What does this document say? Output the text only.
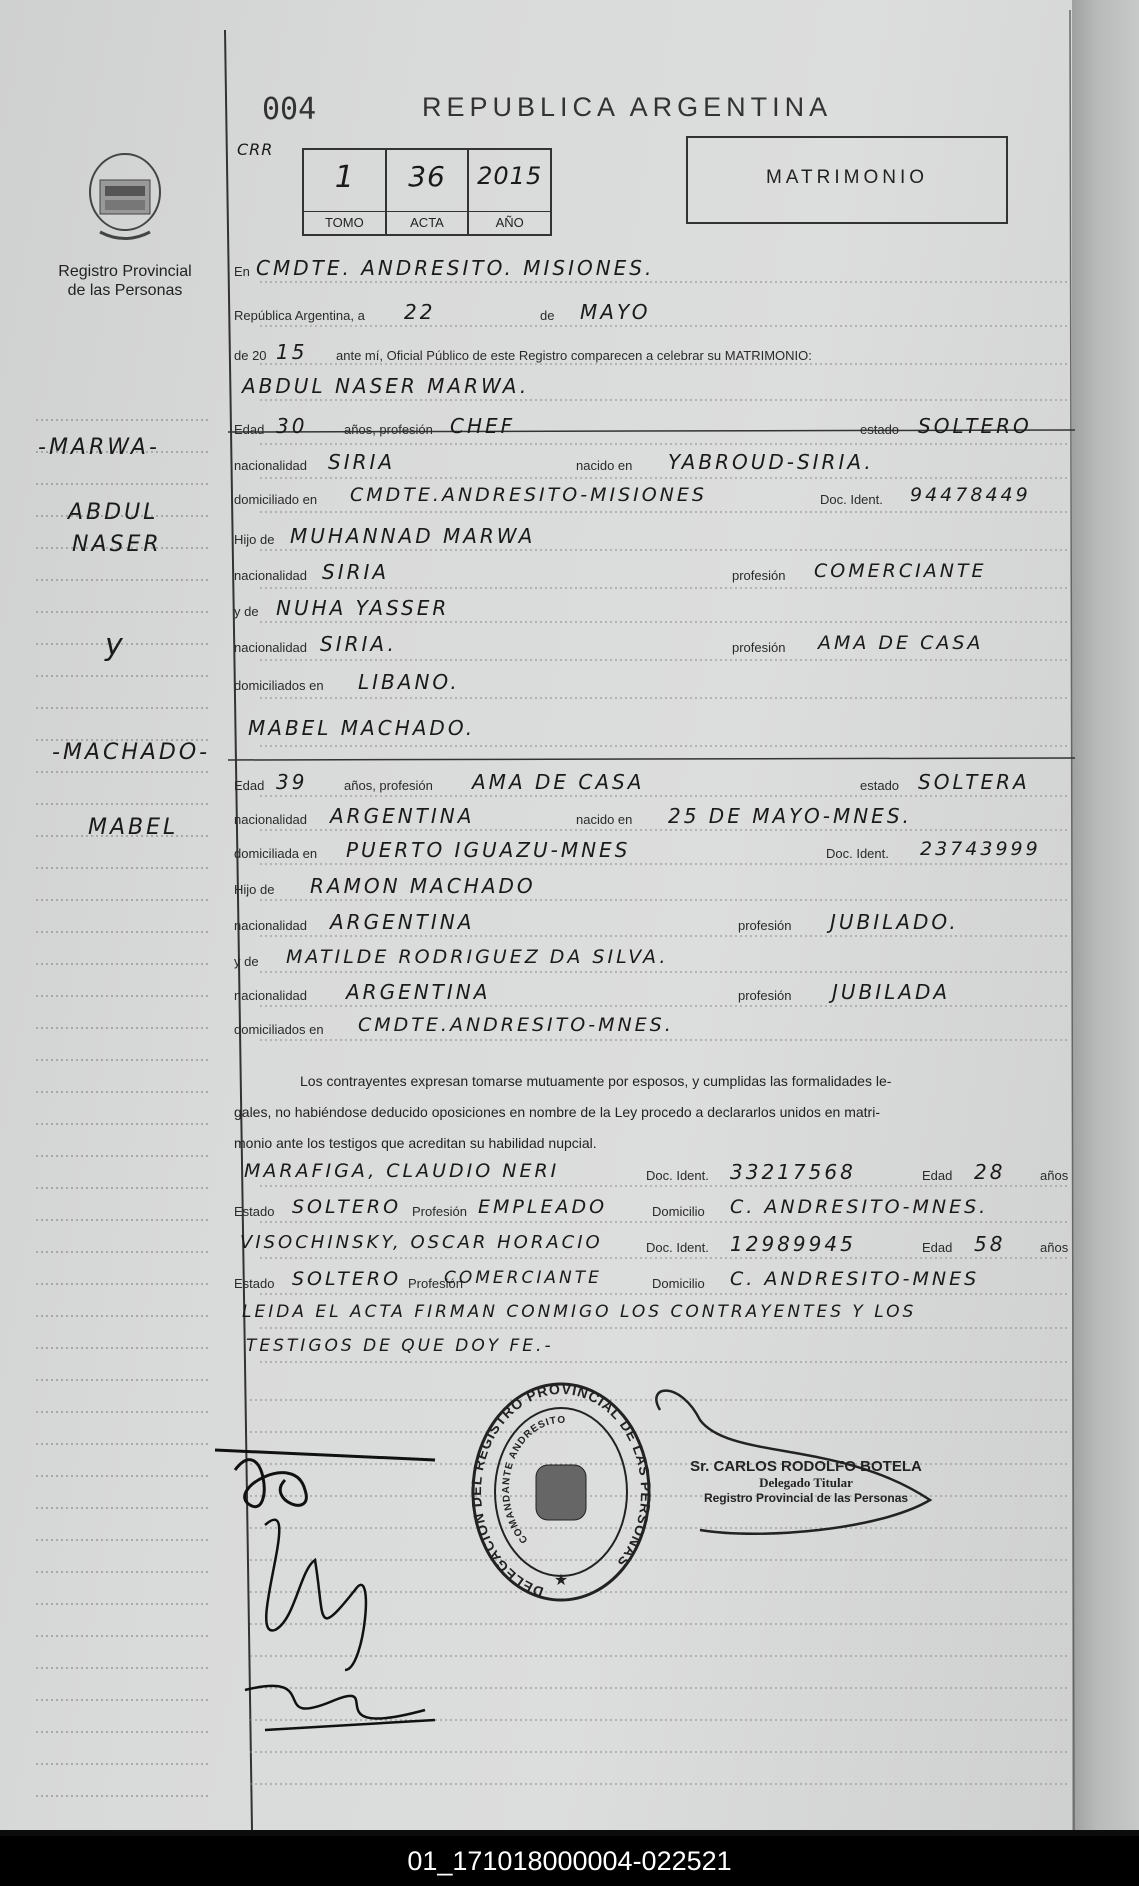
Registro Provincial
de las Personas
-MARWA-
ABDUL
NASER
y
-MACHADO-
MABEL
004
CRR
REPUBLICA ARGENTINA
1
TOMO
36
ACTA
2015
AÑO
MATRIMONIO
En CMDTE. ANDRESITO. MISIONES.
República Argentina, a 22	de MAYO
de 20 15 ante mí, Oficial Público de este Registro comparecen a celebrar su MATRIMONIO:
ABDUL NASER MARWA.
Edad 30	años, profesión CHEF	estado SOLTERO
nacionalidad SIRIA	nacido en YABROUD-SIRIA.
domiciliado en CMDTE.ANDRESITO-MISIONES	Doc. Ident. 94478449
Hijo de MUHANNAD MARWA
nacionalidad SIRIA	profesión COMERCIANTE
y de NUHA YASSER
nacionalidad SIRIA.	profesión AMA DE CASA
domiciliados en LIBANO.
MABEL MACHADO.
Edad 39	años, profesión AMA DE CASA	estado SOLTERA
nacionalidad ARGENTINA	nacido en 25 DE MAYO-MNES.
domiciliada en PUERTO IGUAZU-MNES	Doc. Ident. 23743999
Hijo de RAMON MACHADO
nacionalidad ARGENTINA	profesión JUBILADO.
y de MATILDE RODRIGUEZ DA SILVA.
nacionalidad ARGENTINA	profesión JUBILADA
domiciliados en CMDTE.ANDRESITO-MNES.
MARAFIGA, CLAUDIO NERI	Doc. Ident. 33217568	Edad 28	años
Estado SOLTERO Profesión EMPLEADO	Domicilio C. ANDRESITO-MNES.
VISOCHINSKY, OSCAR HORACIO	Doc. Ident. 12989945	Edad 58	años
Estado SOLTERO Profesión
COMERCIANTE	Domicilio C. ANDRESITO-MNES
LEIDA EL ACTA FIRMAN CONMIGO LOS CONTRAYENTES Y LOS
TESTIGOS DE QUE DOY FE.-
Los contrayentes expresan tomarse mutuamente por esposos, y cumplidas las formalidades le-
gales, no habiéndose deducido oposiciones en nombre de la Ley procedo a declararlos unidos en matri-
monio ante los testigos que acreditan su habilidad nupcial.
DELEGACION DEL REGISTRO PROVINCIAL DE LAS PERSONAS
COMANDANTE ANDRESITO
★
Sr. CARLOS RODOLFO BOTELA
Delegado Titular
Registro Provincial de las Personas
01_171018000004-022521
